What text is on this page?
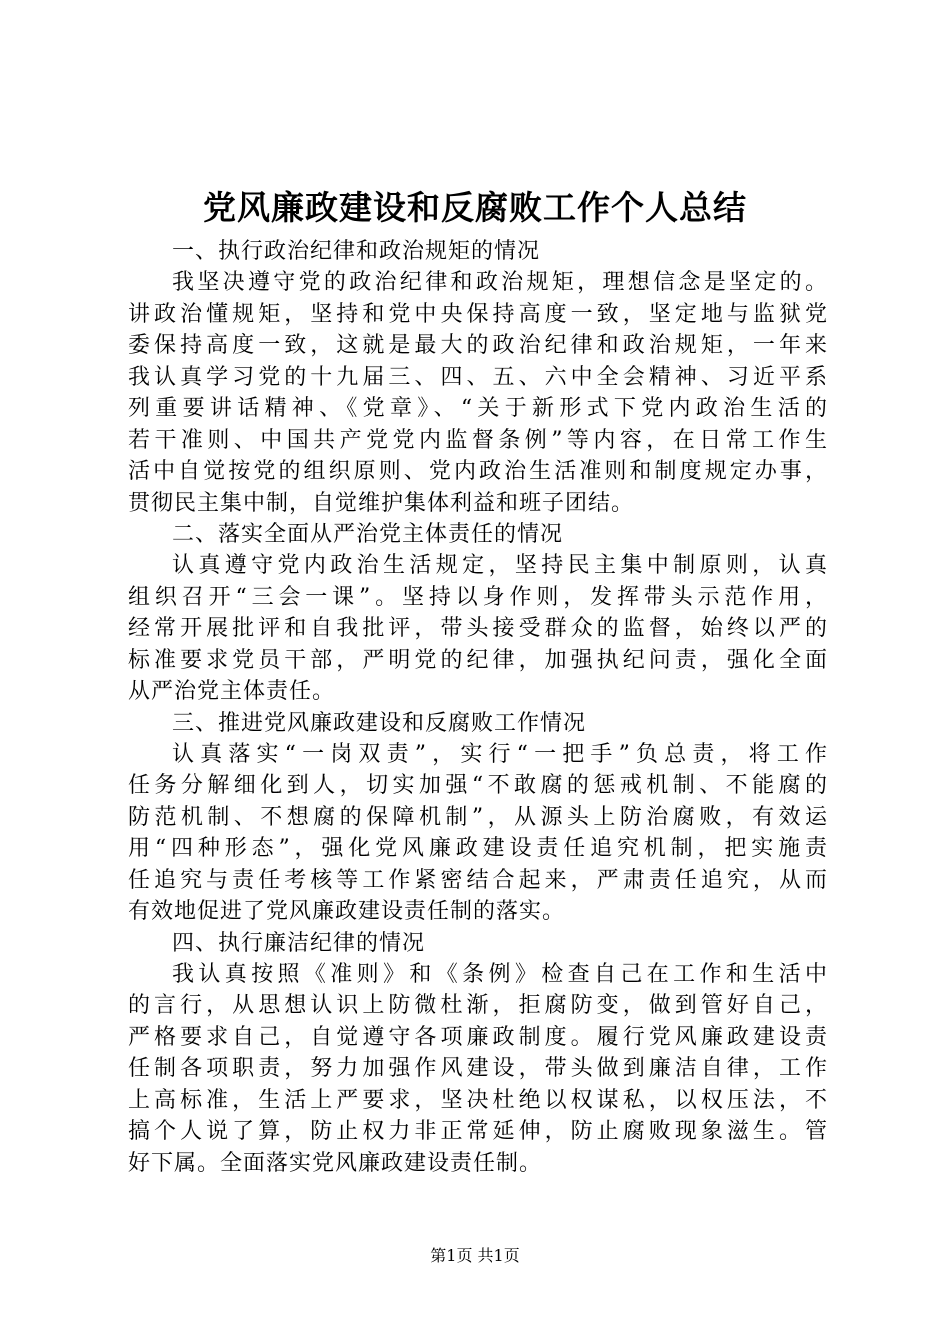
党风廉政建设和反腐败工作个人总结

一、执行政治纪律和政治规矩的情况

我坚决遵守党的政治纪律和政治规矩，理想信念是坚定的。
讲政治懂规矩，坚持和党中央保持高度一致，坚定地与监狱党
委保持高度一致，这就是最大的政治纪律和政治规矩，一年来
我认真学习党的十九届三、四、五、六中全会精神、习近平系
列重要讲话精神、《党章》、“关于新形式下党内政治生活的
若干准则、中国共产党党内监督条例”等内容，在日常工作生
活中自觉按党的组织原则、党内政治生活准则和制度规定办事，
贯彻民主集中制，自觉维护集体利益和班子团结。

二、落实全面从严治党主体责任的情况

认真遵守党内政治生活规定，坚持民主集中制原则，认真
组织召开“三会一课”。坚持以身作则，发挥带头示范作用，
经常开展批评和自我批评，带头接受群众的监督，始终以严的
标准要求党员干部，严明党的纪律，加强执纪问责，强化全面
从严治党主体责任。

三、推进党风廉政建设和反腐败工作情况

认真落实“一岗双责”，实行“一把手”负总责，将工作
任务分解细化到人，切实加强“不敢腐的惩戒机制、不能腐的
防范机制、不想腐的保障机制”，从源头上防治腐败，有效运
用“四种形态”，强化党风廉政建设责任追究机制，把实施责
任追究与责任考核等工作紧密结合起来，严肃责任追究，从而
有效地促进了党风廉政建设责任制的落实。

四、执行廉洁纪律的情况

我认真按照《准则》和《条例》检查自己在工作和生活中
的言行，从思想认识上防微杜渐，拒腐防变，做到管好自己，
严格要求自己，自觉遵守各项廉政制度。履行党风廉政建设责
任制各项职责，努力加强作风建设，带头做到廉洁自律，工作
上高标准，生活上严要求，坚决杜绝以权谋私，以权压法，不
搞个人说了算，防止权力非正常延伸，防止腐败现象滋生。管
好下属。全面落实党风廉政建设责任制。

第1页 共1页
